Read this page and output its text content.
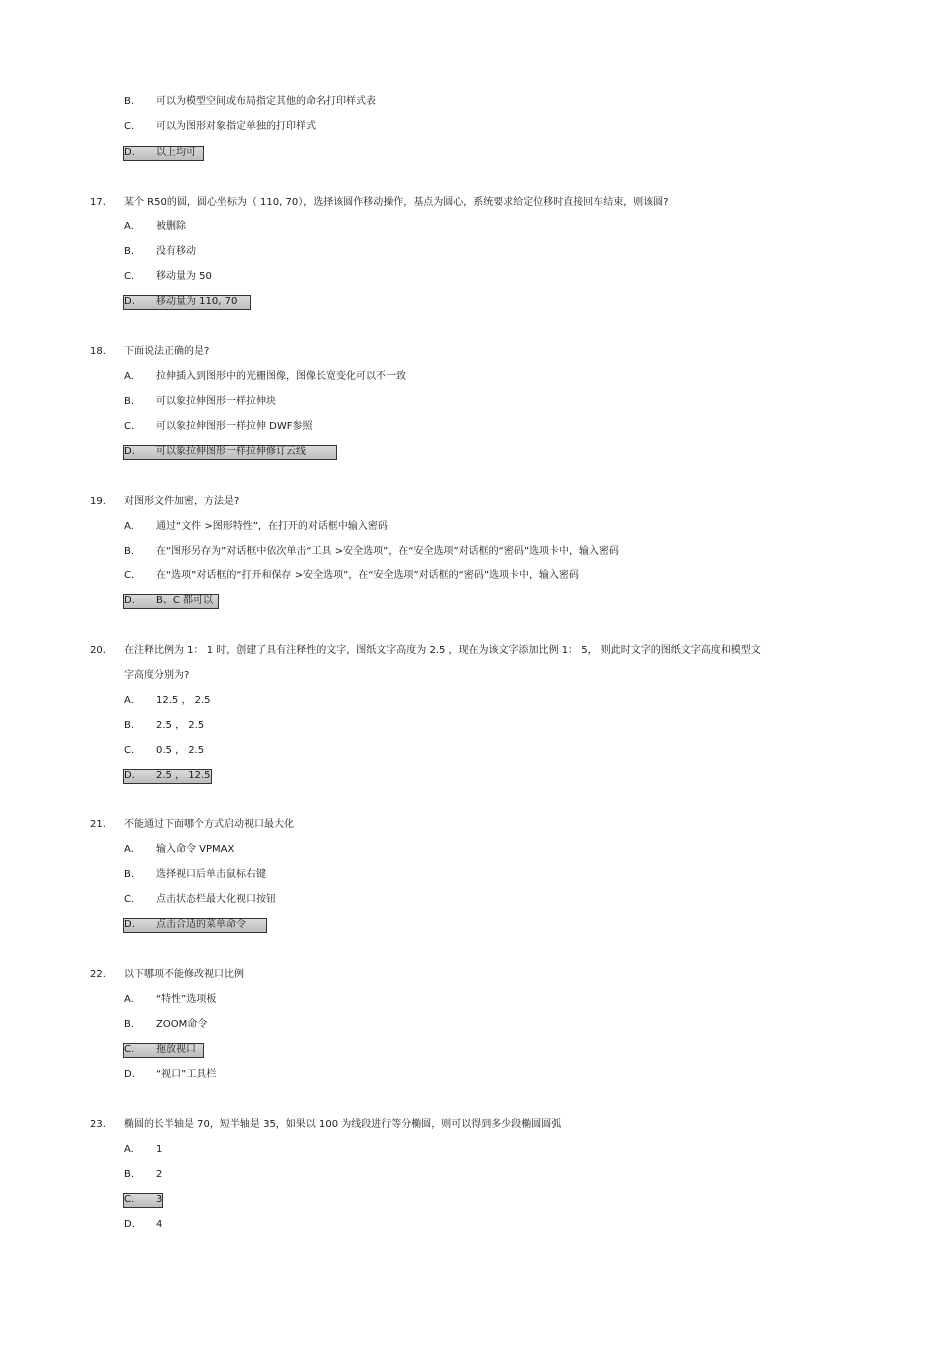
B. 可以为模型空间或布局指定其他的命名打印样式表
C. 可以为图形对象指定单独的打印样式
D. 以上均可
17. 某个 R50的圆，圆心坐标为（ 110, 70），选择该圆作移动操作，基点为圆心，系统要求给定位移时直接回车结束，则该圆?
A. 被删除
B. 没有移动
C. 移动量为 50
D. 移动量为 110, 70
18. 下面说法正确的是?
A. 拉伸插入到图形中的光栅图像，图像长宽变化可以不一致
B. 可以象拉伸图形一样拉伸块
C. 可以象拉伸图形一样拉伸 DWF参照
D. 可以象拉伸图形一样拉伸修订云线
19. 对图形文件加密，方法是?
A. 通过“文件 >图形特性”，在打开的对话框中输入密码
B. 在“图形另存为”对话框中依次单击“工具 >安全选项”，在“安全选项”对话框的“密码”选项卡中，输入密码
C. 在“选项”对话框的“打开和保存 >安全选项”，在“安全选项”对话框的“密码”选项卡中，输入密码
D. B、C 都可以
20. 在注释比例为 1： 1 时，创建了具有注释性的文字，图纸文字高度为 2.5 ，现在为该文字添加比例 1： 5， 则此时文字的图纸文字高度和模型文
字高度分别为?
A. 12.5 ， 2.5
B. 2.5 ， 2.5
C. 0.5 ， 2.5
D. 2.5 ， 12.5
21. 不能通过下面哪个方式启动视口最大化
A. 输入命令 VPMAX
B. 选择视口后单击鼠标右键
C. 点击状态栏最大化视口按钮
D. 点击合适的菜单命令
22. 以下哪项不能修改视口比例
A. “特性”选项板
B. ZOOM命令
C. 拖放视口
D. “视口”工具栏
23. 椭圆的长半轴是 70，短半轴是 35，如果以 100 为线段进行等分椭圆，则可以得到多少段椭圆圆弧
A. 1
B. 2
C. 3
D. 4
